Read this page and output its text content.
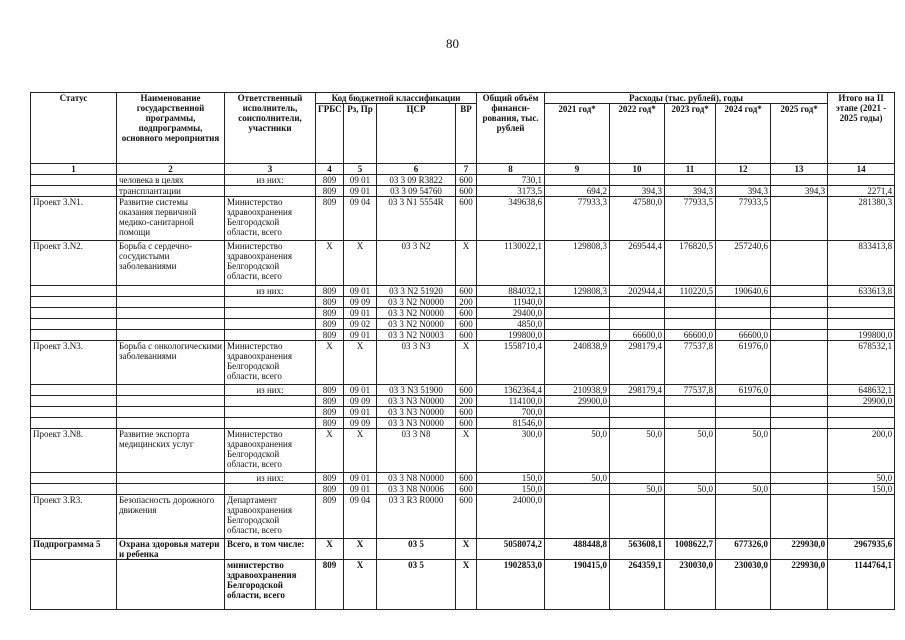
80
Статус	Наименование государственной программы, подпрограммы, основного мероприятия	Ответственный исполнитель, соисполнители, участники	Код бюджетной классификации				Общий объём финанси-рования, тыс. рублей	Расходы (тыс. рублей), годы					Итого на II этапе (2021 - 2025 годы)
			ГРБС	Рз, Пр	ЦСР	ВР		2021 год*	2022 год*	2023 год*	2024 год*	2025 год*	
1	2	3	4	5	6	7	8	9	10	11	12	13	14
	человека в целях	из них:	809	09 01	03 3 09 R3822	600	730,1						
	трансплантации		809	09 01	03 3 09 54760	600	3173,5	694,2	394,3	394,3	394,3	394,3	2271,4
Проект 3.N1.	Развитие системы оказания первичной медико-санитарной помощи	Министерство здравоохранения Белгородской области, всего	809	09 04	03 3 N1 5554R	600	349638,6	77933,3	47580,0	77933,5	77933,5		281380,3
Проект 3.N2.	Борьба с сердечно-сосудистыми заболеваниями	Министерство здравоохранения Белгородской области, всего	Х	Х	03 3 N2	Х	1130022,1	129808,3	269544,4	176820,5	257240,6		833413,8
		из них:	809	09 01	03 3 N2 51920	600	884032,1	129808,3	202944,4	110220,5	190640,6		633613,8
			809	09 09	03 3 N2 N0000	200	11940,0						
			809	09 01	03 3 N2 N0000	600	29400,0						
			809	09 02	03 3 N2 N0000	600	4850,0						
			809	09 01	03 3 N2 N0003	600	199800,0		66600,0	66600,0	66600,0		199800,0
Проект 3.N3.	Борьба с онкологическими заболеваниями	Министерство здравоохранения Белгородской области, всего	Х	Х	03 3 N3	Х	1558710,4	240838,9	298179,4	77537,8	61976,0		678532,1
		из них:	809	09 01	03 3 N3 51900	600	1362364,4	210938,9	298179,4	77537,8	61976,0		648632,1
			809	09 09	03 3 N3 N0000	200	114100,0	29900,0					29900,0
			809	09 01	03 3 N3 N0000	600	700,0						
			809	09 09	03 3 N3 N0000	600	81546,0						
Проект 3.N8.	Развитие экспорта медицинских услуг	Министерство здравоохранения Белгородской области, всего	Х	Х	03 3 N8	Х	300,0	50,0	50,0	50,0	50,0		200,0
		из них:	809	09 01	03 3 N8 N0000	600	150,0	50,0					50,0
			809	09 01	03 3 N8 N0006	600	150,0		50,0	50,0	50,0		150,0
Проект 3.R3.	Безопасность дорожного движения	Департамент здравоохранения Белгородской области, всего	809	09 04	03 3 R3 R0000	600	24000,0						
Подпрограмма 5	Охрана здоровья матери и ребенка	Всего, в том числе:	Х	Х	03 5	Х	5058074,2	488448,8	563608,1	1008622,7	677326,0	229930,0	2967935,6
		министерство здравоохранения Белгородской области, всего	809	Х	03 5	Х	1902853,0	190415,0	264359,1	230030,0	230030,0	229930,0	1144764,1
